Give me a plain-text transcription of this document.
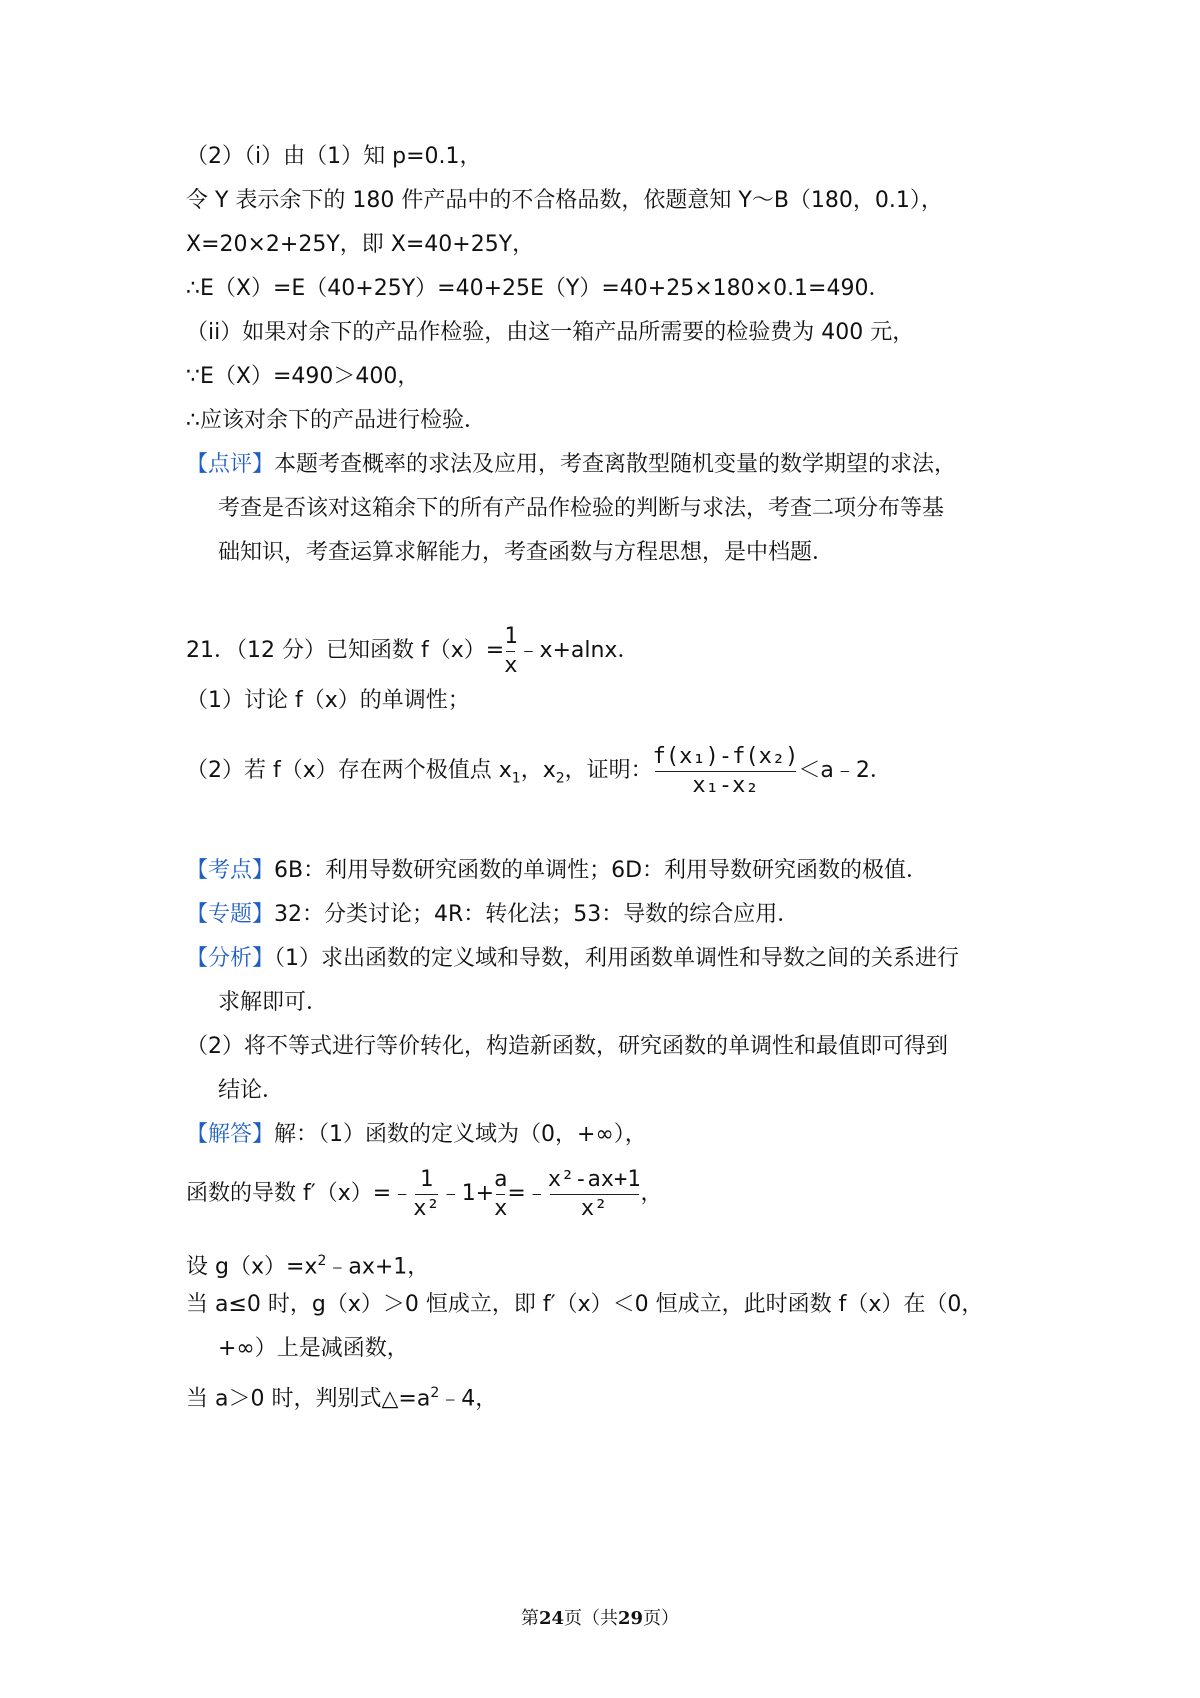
（2）（i）由（1）知 p=0.1，
令 Y 表示余下的 180 件产品中的不合格品数，依题意知 Y～B（180，0.1），
X=20×2+25Y，即 X=40+25Y，
∴E（X）=E（40+25Y）=40+25E（Y）=40+25×180×0.1=490．
（ii）如果对余下的产品作检验，由这一箱产品所需要的检验费为 400 元，
∵E（X）=490＞400，
∴应该对余下的产品进行检验．
【点评】本题考查概率的求法及应用，考查离散型随机变量的数学期望的求法，
考查是否该对这箱余下的所有产品作检验的判断与求法，考查二项分布等基
础知识，考查运算求解能力，考查函数与方程思想，是中档题．
21．（12 分）已知函数 $f(x)= \frac{1}{x}$ ﹣x+alnx．
（1）讨论 f（x）的单调性；
（2）若 f（x）存在两个极值点 $x_1$，$x_2$，证明： $\frac{\text{f(x₁)-f(x₂)}}{\text{x₁-x₂}}$ ＜a﹣2．
【考点】6B：利用导数研究函数的单调性；6D：利用导数研究函数的极值．
【专题】32：分类讨论；4R：转化法；53：导数的综合应用．
【分析】（1）求出函数的定义域和导数，利用函数单调性和导数之间的关系进行
求解即可．
（2）将不等式进行等价转化，构造新函数，研究函数的单调性和最值即可得到
结论．
【解答】解：（1）函数的定义域为（0，+∞），
函数的导数 f′（x）=﹣ $\frac{1}{\text{x²}}$ ﹣1+ $\frac{a}{x}$ =﹣ $\frac{\text{x²-ax+1}}{\text{x²}}$ ，
设 $g(x)=x^2﹣ax+1$，
当 a≤0 时，g（x）＞0 恒成立，即 f′（x）＜0 恒成立，此时函数 f（x）在（0，
+∞）上是减函数，
当 a＞0 时，判别式$\triangle=a^2﹣4$，
第24页（共29页）
